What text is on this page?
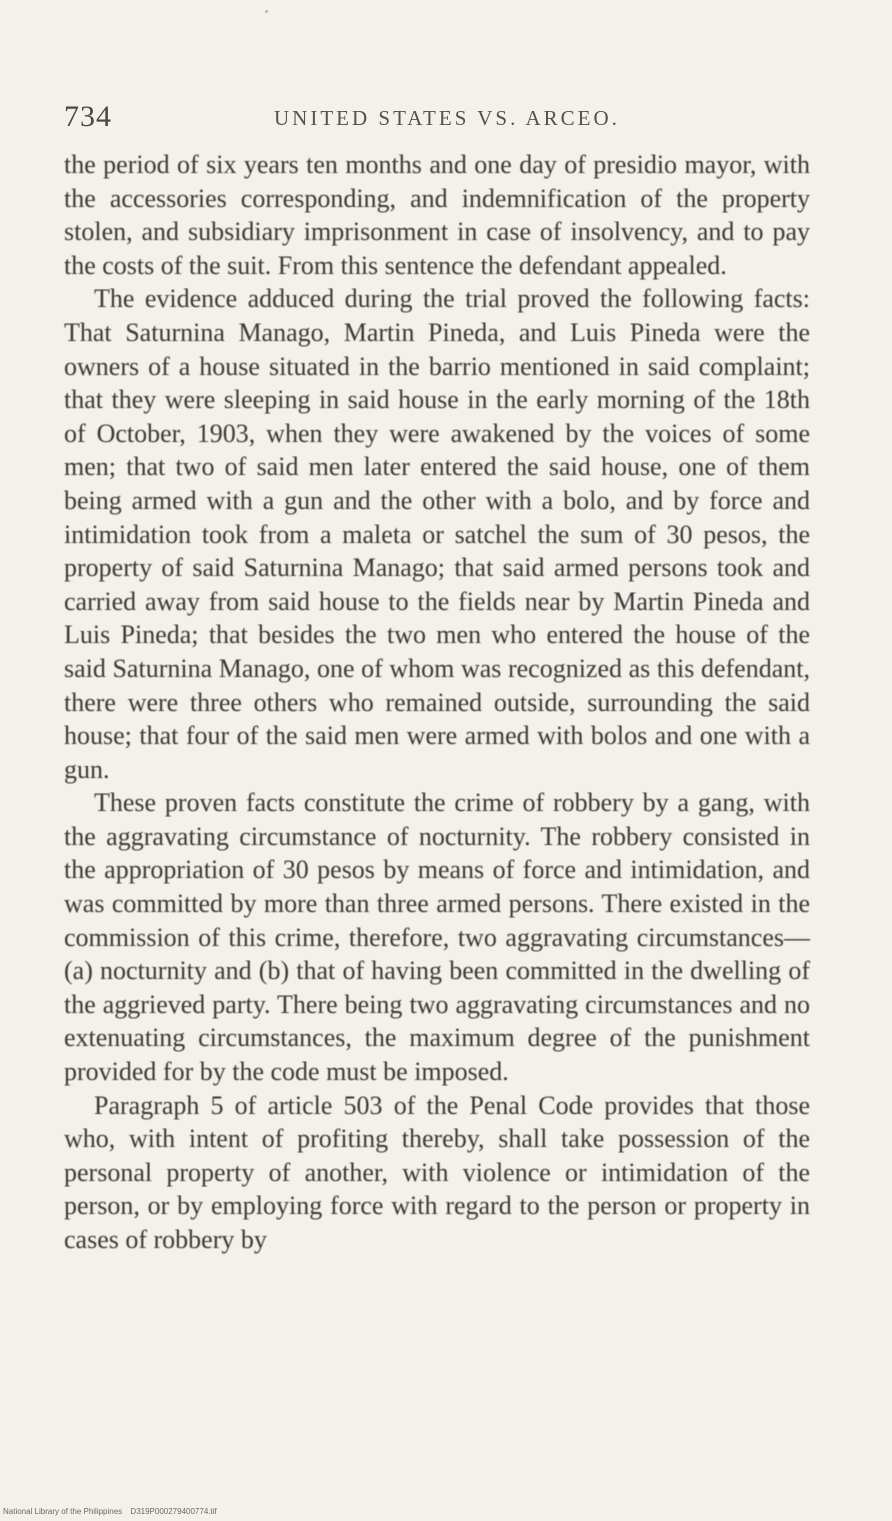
734	UNITED STATES VS. ARCEO.

the period of six years ten months and one day of presidio mayor, with the accessories corresponding, and indemnification of the property stolen, and subsidiary imprisonment in case of insolvency, and to pay the costs of the suit. From this sentence the defendant appealed.

The evidence adduced during the trial proved the following facts: That Saturnina Manago, Martin Pineda, and Luis Pineda were the owners of a house situated in the barrio mentioned in said complaint; that they were sleeping in said house in the early morning of the 18th of October, 1903, when they were awakened by the voices of some men; that two of said men later entered the said house, one of them being armed with a gun and the other with a bolo, and by force and intimidation took from a maleta or satchel the sum of 30 pesos, the property of said Saturnina Manago; that said armed persons took and carried away from said house to the fields near by Martin Pineda and Luis Pineda; that besides the two men who entered the house of the said Saturnina Manago, one of whom was recognized as this defendant, there were three others who remained outside, surrounding the said house; that four of the said men were armed with bolos and one with a gun.

These proven facts constitute the crime of robbery by a gang, with the aggravating circumstance of nocturnity. The robbery consisted in the appropriation of 30 pesos by means of force and intimidation, and was committed by more than three armed persons. There existed in the commission of this crime, therefore, two aggravating circumstances—(a) nocturnity and (b) that of having been committed in the dwelling of the aggrieved party. There being two aggravating circumstances and no extenuating circumstances, the maximum degree of the punishment provided for by the code must be imposed.

Paragraph 5 of article 503 of the Penal Code provides that those who, with intent of profiting thereby, shall take possession of the personal property of another, with violence or intimidation of the person, or by employing force with regard to the person or property in cases of robbery by

National Library of the Philippines D319P000279400774.tif
